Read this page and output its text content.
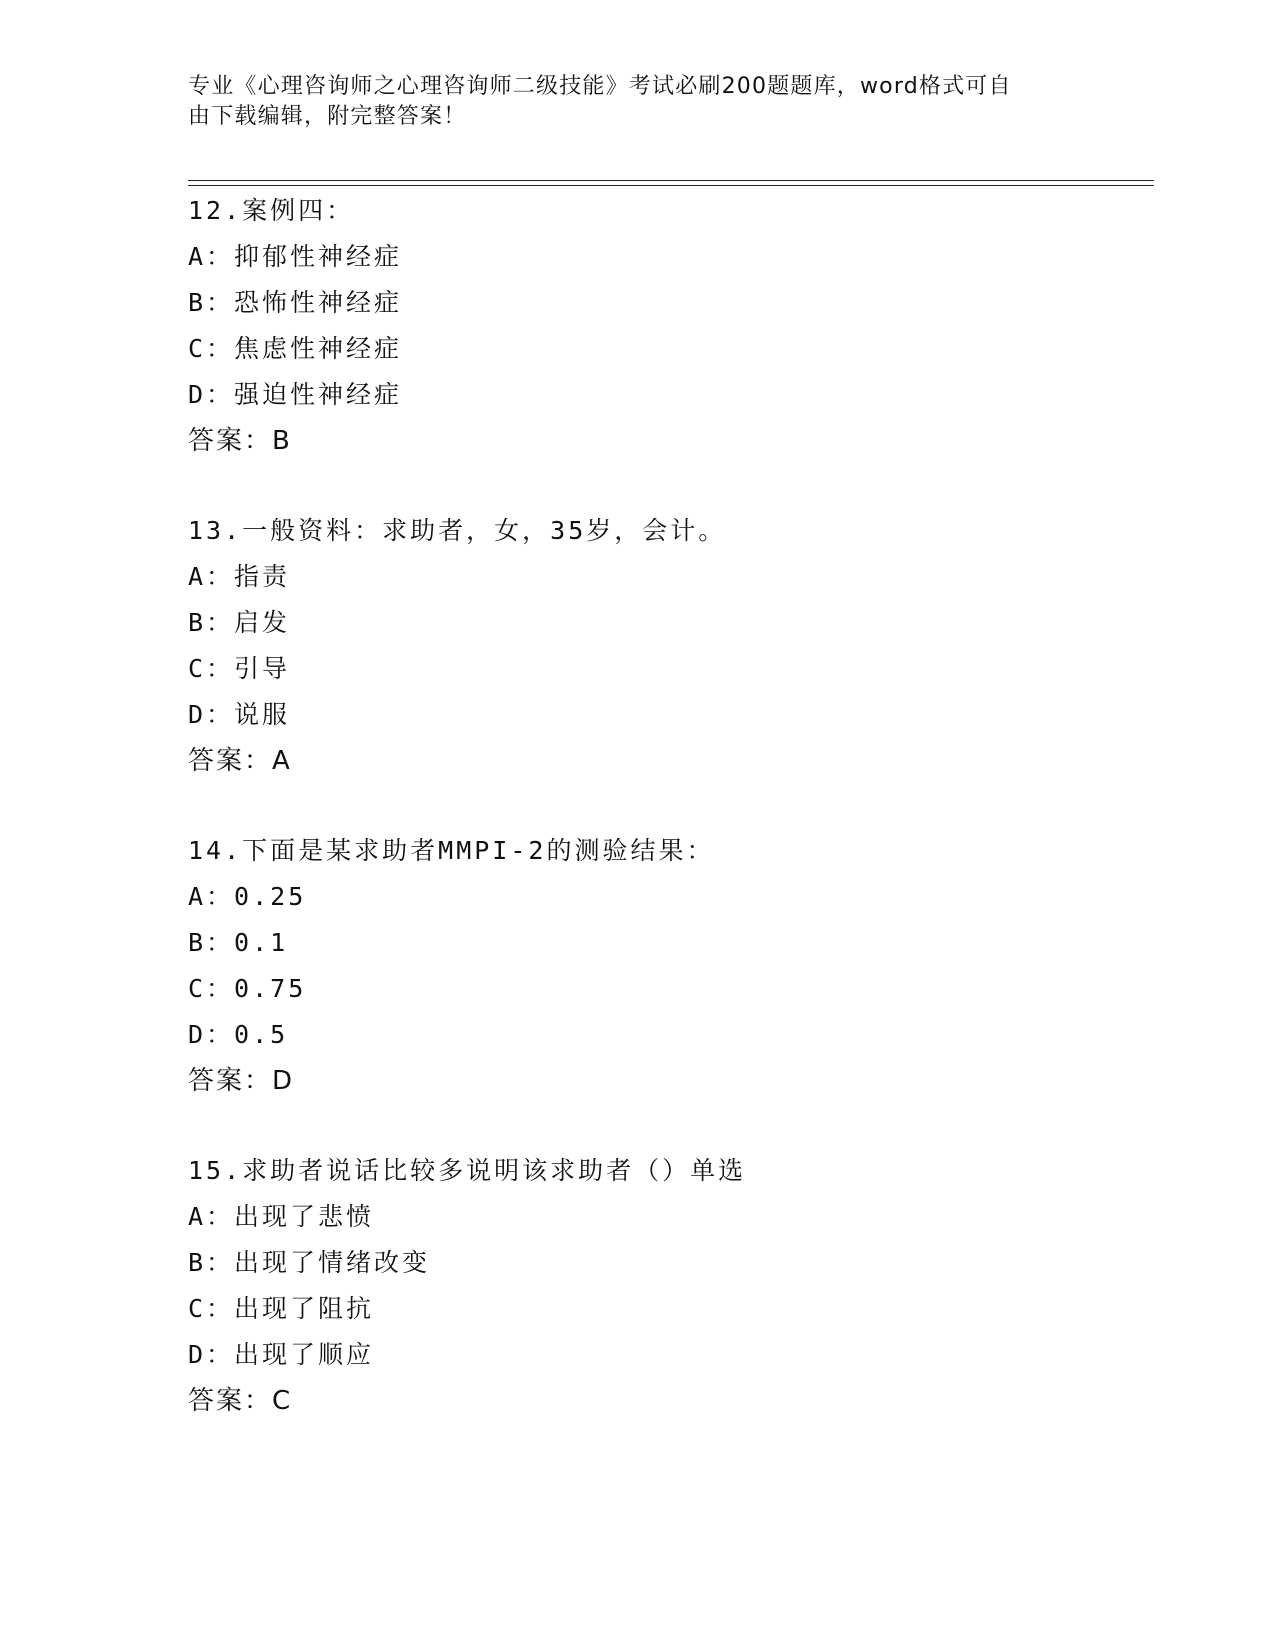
专业《心理咨询师之心理咨询师二级技能》考试必刷200题题库，word格式可自

由下载编辑，附完整答案！

12.案例四：
A：抑郁性神经症
B：恐怖性神经症
C：焦虑性神经症
D：强迫性神经症
答案：B
13.一般资料：求助者，女，35岁，会计。
A：指责
B：启发
C：引导
D：说服
答案：A
14.下面是某求助者MMPI-2的测验结果：
A：0.25
B：0.1
C：0.75
D：0.5
答案：D
15.求助者说话比较多说明该求助者（）单选
A：出现了悲愤
B：出现了情绪改变
C：出现了阻抗
D：出现了顺应
答案：C
